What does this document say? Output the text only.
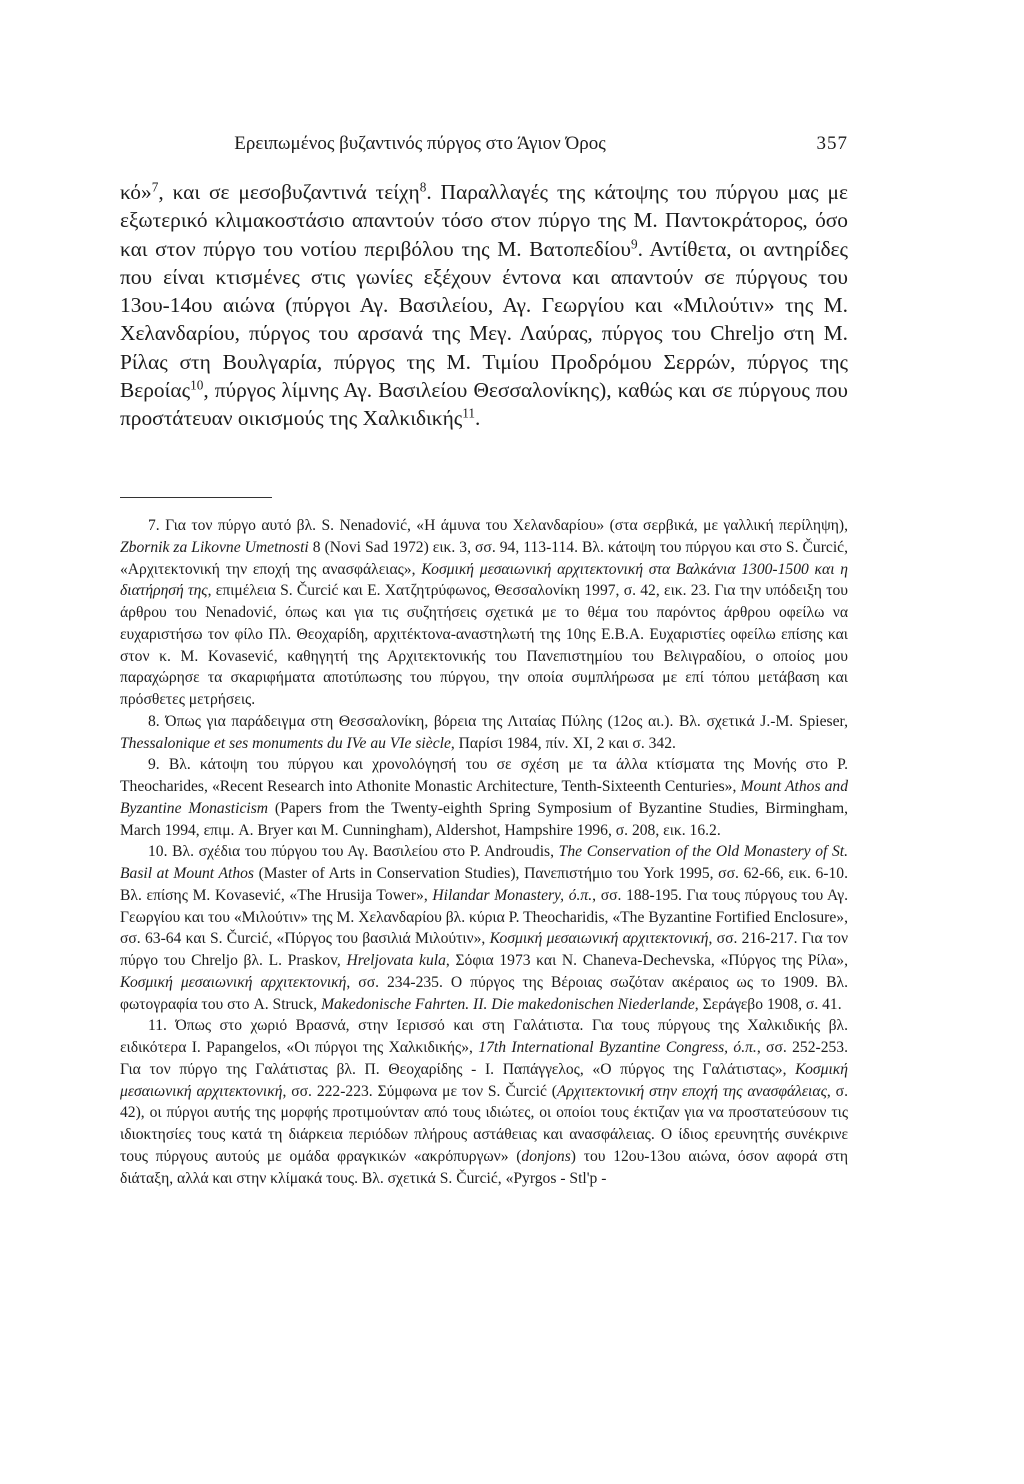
Ερειπωμένος βυζαντινός πύργος στο Άγιον Όρος	357

κό»$^7$, και σε μεσοβυζαντινά τείχη$^8$. Παραλλαγές της κάτοψης του πύργου μας με εξωτερικό κλιμακοστάσιο απαντούν τόσο στον πύργο της Μ. Παντοκράτορος, όσο και στον πύργο του νοτίου περιβόλου της Μ. Βατοπεδίου$^9$. Αντίθετα, οι αντηρίδες που είναι κτισμένες στις γωνίες εξέχουν έντονα και απαντούν σε πύργους του 13ου-14ου αιώνα (πύργοι Αγ. Βασιλείου, Αγ. Γεωργίου και «Μιλούτιν» της Μ. Χελανδαρίου, πύργος του αρσανά της Μεγ. Λαύρας, πύργος του Chreljo στη Μ. Ρίλας στη Βουλγαρία, πύργος της Μ. Τιμίου Προδρόμου Σερρών, πύργος της Βεροίας$^{10}$, πύργος λίμνης Αγ. Βασιλείου Θεσσαλονίκης), καθώς και σε πύργους που προστάτευαν οικισμούς της Χαλκιδικής$^{11}$.

7. Για τον πύργο αυτό βλ. S. Nenadović, «Η άμυνα του Χελανδαρίου» (στα σερβικά, με γαλλική περίληψη), Zbornik za Likovne Umetnosti 8 (Novi Sad 1972) εικ. 3, σσ. 94, 113-114. Βλ. κάτοψη του πύργου και στο S. Čurcić, «Αρχιτεκτονική την εποχή της ανασφάλειας», Κοσμική μεσαιωνική αρχιτεκτονική στα Βαλκάνια 1300-1500 και η διατήρησή της, επιμέλεια S. Čurcić και Ε. Χατζητρύφωνος, Θεσσαλονίκη 1997, σ. 42, εικ. 23. Για την υπόδειξη του άρθρου του Nenadović, όπως και για τις συζητήσεις σχετικά με το θέμα του παρόντος άρθρου οφείλω να ευχαριστήσω τον φίλο Πλ. Θεοχαρίδη, αρχιτέκτονα-αναστηλωτή της 10ης Ε.Β.Α. Ευχαριστίες οφείλω επίσης και στον κ. Μ. Kovasević, καθηγητή της Αρχιτεκτονικής του Πανεπιστημίου του Βελιγραδίου, ο οποίος μου παραχώρησε τα σκαριφήματα αποτύπωσης του πύργου, την οποία συμπλήρωσα με επί τόπου μετάβαση και πρόσθετες μετρήσεις.

8. Όπως για παράδειγμα στη Θεσσαλονίκη, βόρεια της Λιταίας Πύλης (12ος αι.). Βλ. σχετικά J.-M. Spieser, Thessalonique et ses monuments du IVe au VIe siècle, Παρίσι 1984, πίν. XI, 2 και σ. 342.

9. Βλ. κάτοψη του πύργου και χρονολόγησή του σε σχέση με τα άλλα κτίσματα της Μονής στο P. Theocharides, «Recent Research into Athonite Monastic Architecture, Tenth-Sixteenth Centuries», Mount Athos and Byzantine Monasticism (Papers from the Twenty-eighth Spring Symposium of Byzantine Studies, Birmingham, March 1994, επιμ. A. Bryer και M. Cunningham), Aldershot, Hampshire 1996, σ. 208, εικ. 16.2.

10. Βλ. σχέδια του πύργου του Αγ. Βασιλείου στο P. Androudis, The Conservation of the Old Monastery of St. Basil at Mount Athos (Master of Arts in Conservation Studies), Πανεπιστήμιο του York 1995, σσ. 62-66, εικ. 6-10. Βλ. επίσης M. Kovasević, «The Hrusija Tower», Hilandar Monastery, ό.π., σσ. 188-195. Για τους πύργους του Αγ. Γεωργίου και του «Μιλούτιν» της Μ. Χελανδαρίου βλ. κύρια P. Theocharidis, «The Byzantine Fortified Enclosure», σσ. 63-64 και S. Čurcić, «Πύργος του βασιλιά Μιλούτιν», Κοσμική μεσαιωνική αρχιτεκτονική, σσ. 216-217. Για τον πύργο του Chreljo βλ. L. Praskov, Hreljovata kula, Σόφια 1973 και N. Chaneva-Dechevska, «Πύργος της Ρίλα», Κοσμική μεσαιωνική αρχιτεκτονική, σσ. 234-235. Ο πύργος της Βέροιας σωζόταν ακέραιος ως το 1909. Βλ. φωτογραφία του στο A. Struck, Makedonische Fahrten. II. Die makedonischen Niederlande, Σεράγεβο 1908, σ. 41.

11. Όπως στο χωριό Βρασνά, στην Ιερισσό και στη Γαλάτιστα. Για τους πύργους της Χαλκιδικής βλ. ειδικότερα I. Papangelos, «Οι πύργοι της Χαλκιδικής», 17th International Byzantine Congress, ό.π., σσ. 252-253. Για τον πύργο της Γαλάτιστας βλ. Π. Θεοχαρίδης - Ι. Παπάγγελος, «Ο πύργος της Γαλάτιστας», Κοσμική μεσαιωνική αρχιτεκτονική, σσ. 222-223. Σύμφωνα με τον S. Čurcić (Αρχιτεκτονική στην εποχή της ανασφάλειας, σ. 42), οι πύργοι αυτής της μορφής προτιμούνταν από τους ιδιώτες, οι οποίοι τους έκτιζαν για να προστατεύσουν τις ιδιοκτησίες τους κατά τη διάρκεια περιόδων πλήρους αστάθειας και ανασφάλειας. Ο ίδιος ερευνητής συνέκρινε τους πύργους αυτούς με ομάδα φραγκικών «ακρόπυργων» (donjons) του 12ου-13ου αιώνα, όσον αφορά στη διάταξη, αλλά και στην κλίμακά τους. Βλ. σχετικά S. Čurcić, «Pyrgos - Stl'p -
